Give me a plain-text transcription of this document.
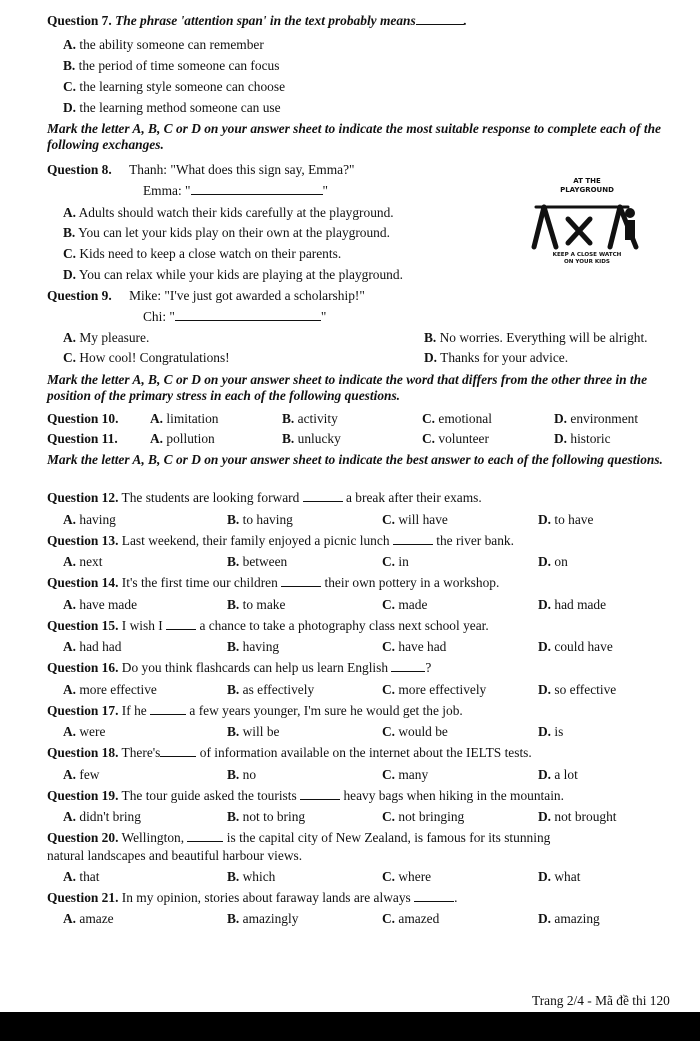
Question 7. The phrase 'attention span' in the text probably means	.
A. the ability someone can remember
B. the period of time someone can focus
C. the learning style someone can choose
D. the learning method someone can use
Mark the letter A, B, C or D on your answer sheet to indicate the most suitable response to complete each of the following exchanges.
Question 8. Thanh: "What does this sign say, Emma?"
Emma: "	"
A. Adults should watch their kids carefully at the playground.
B. You can let your kids play on their own at the playground.
C. Kids need to keep a close watch on their parents.
D. You can relax while your kids are playing at the playground.
AT THE
PLAYGROUND
KEEP A CLOSE WATCH
ON YOUR KIDS
Question 9. Mike: "I've just got awarded a scholarship!"
Chi: "	"
A. My pleasure.	B. No worries. Everything will be alright.
C. How cool! Congratulations!	D. Thanks for your advice.
Mark the letter A, B, C or D on your answer sheet to indicate the word that differs from the other three in the position of the primary stress in each of the following questions.
Question 10. A. limitation	B. activity	C. emotional	D. environment
Question 11. A. pollution	B. unlucky	C. volunteer	D. historic
Mark the letter A, B, C or D on your answer sheet to indicate the best answer to each of the following questions.
Question 12. The students are looking forward	a break after their exams.
A. having	B. to having	C. will have	D. to have
Question 13. Last weekend, their family enjoyed a picnic lunch	the river bank.
A. next	B. between	C. in	D. on
Question 14. It's the first time our children	their own pottery in a workshop.
A. have made	B. to make	C. made	D. had made
Question 15. I wish I	a chance to take a photography class next school year.
A. had had	B. having	C. have had	D. could have
Question 16. Do you think flashcards can help us learn English	?
A. more effective	B. as effectively	C. more effectively	D. so effective
Question 17. If he	a few years younger, I'm sure he would get the job.
A. were	B. will be	C. would be	D. is
Question 18. There's	of information available on the internet about the IELTS tests.
A. few	B. no	C. many	D. a lot
Question 19. The tour guide asked the tourists	heavy bags when hiking in the mountain.
A. didn't bring	B. not to bring	C. not bringing	D. not brought
Question 20. Wellington,	is the capital city of New Zealand, is famous for its stunning
natural landscapes and beautiful harbour views.
A. that	B. which	C. where	D. what
Question 21. In my opinion, stories about faraway lands are always	.
A. amaze	B. amazingly	C. amazed	D. amazing
Trang 2/4 - Mã đề thi 120
